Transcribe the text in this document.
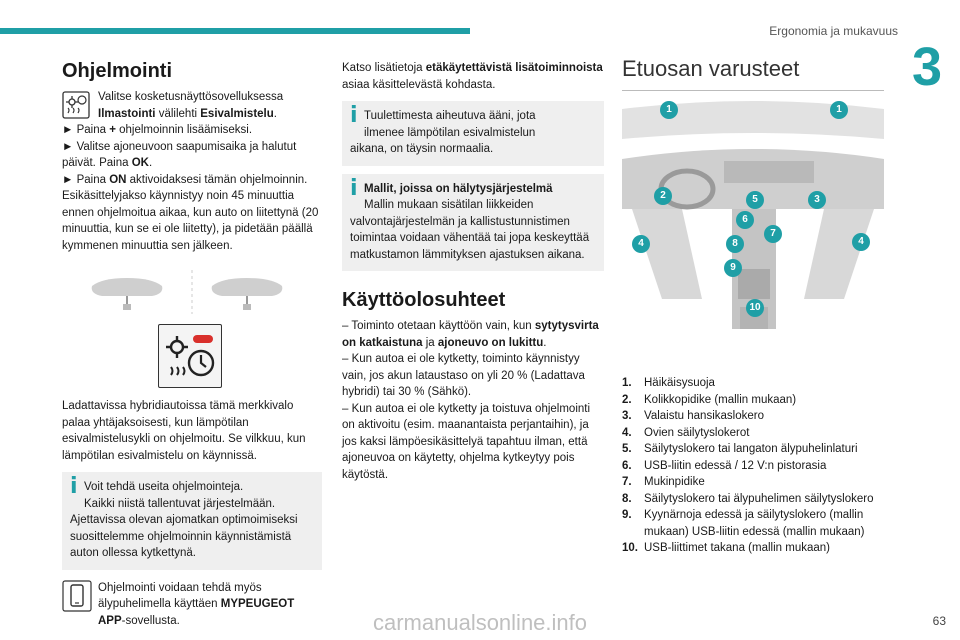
Ergonomia ja mukavuus
3
Ohjelmointi
Valitse kosketusnäyttösovelluksessa
Ilmastointi välilehti Esivalmistelu.
► Paina + ohjelmoinnin lisäämiseksi.
► Valitse ajoneuvoon saapumisaika ja halutut päivät. Paina OK.
► Paina ON aktivoidaksesi tämän ohjelmoinnin.
Esikäsittelyjakso käynnistyy noin 45 minuuttia ennen ohjelmoitua aikaa, kun auto on liitettynä (20 minuuttia, kun se ei ole liitetty), ja pidetään päällä kymmenen minuuttia sen jälkeen.
Ladattavissa hybridiautoissa tämä merkkivalo palaa yhtäjaksoisesti, kun lämpötilan esivalmistelusykli on ohjelmoitu. Se vilkkuu, kun lämpötilan esivalmistelu on käynnissä.
i Voit tehdä useita ohjelmointeja.
Kaikki niistä tallentuvat järjestelmään.
Ajettavissa olevan ajomatkan optimoimiseksi suosittelemme ohjelmoinnin käynnistämistä auton ollessa kytkettynä.
Ohjelmointi voidaan tehdä myös älypuhelimella käyttäen MYPEUGEOT APP-sovellusta.
Katso lisätietoja etäkäytettävistä lisätoiminnoista asiaa käsittelevästä kohdasta.
i Tuulettimesta aiheutuva ääni, jota
ilmenee lämpötilan esivalmistelun
aikana, on täysin normaalia.
i Mallit, joissa on hälytysjärjestelmä
Mallin mukaan sisätilan liikkeiden
valvontajärjestelmän ja kallistustunnistimen toimintaa voidaan vähentää tai jopa keskeyttää matkustamon lämmityksen ajastuksen aikana.
Käyttöolosuhteet
– Toiminto otetaan käyttöön vain, kun sytytysvirta on katkaistuna ja ajoneuvo on lukittu.
– Kun autoa ei ole kytketty, toiminto käynnistyy vain, jos akun lataustaso on yli 20 % (Ladattava hybridi) tai 30 % (Sähkö).
– Kun autoa ei ole kytketty ja toistuva ohjelmointi on aktivoitu (esim. maanantaista perjantaihin), ja jos kaksi lämpöesikäsittelyä tapahtuu ilman, että ajoneuvoa on käytetty, ohjelma kytkeytyy pois käytöstä.
Etuosan varusteet
1	1
2	3
4	4
5
6
7
8
9
10
1.	Häikäisysuoja
2.	Kolikkopidike (mallin mukaan)
3.	Valaistu hansikaslokero
4.	Ovien säilytyslokerot
5.	Säilytyslokero tai langaton älypuhelinlaturi
6.	USB-liitin edessä / 12 V:n pistorasia
7.	Mukinpidike
8.	Säilytyslokero tai älypuhelimen säilytyslokero
9.	Kyynärnoja edessä ja säilytyslokero (mallin mukaan) USB-liitin edessä (mallin mukaan)
10. USB-liittimet takana (mallin mukaan)
carmanualsonline.info	63
